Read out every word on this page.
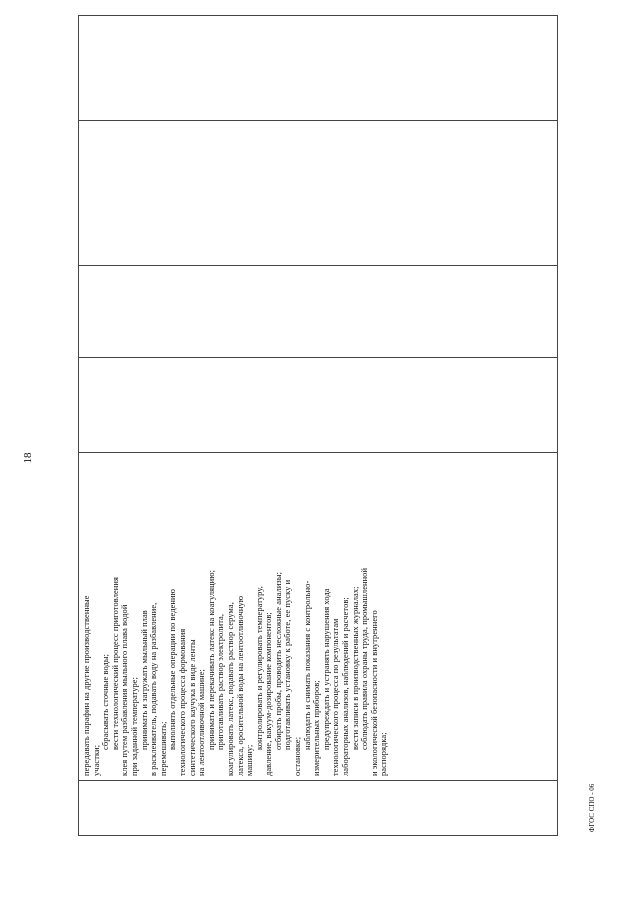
18
передавать парафин на другие производственные участки;
сбрасывать сточные воды; вести технологический процесс приготовления клея путем разбавления мыльного плава водой при заданной температуре; принимать и загружать мыльный плав в расклеиватель, подавать воду на разбавление, перемешивать; выполнять отдельные операции по ведению технологического процесса формования синтетического каучука в виде ленты на лентоотливочной машине; принимать и перекачивать латекс на коагуляцию; приготавливать раствор электролита, коагулировать латекс, подавать раствор серума, латекса, оросительной воды на лентоотливочную машину;
контролировать и регулировать температуру, давление, вакуум-дозирование компонентов; отбирать пробы, проводить несложные анализы; подготавливать установку к работе, ее пуску и
остановке;
наблюдать и снимать показания с контрольно- измерительных приборов; предупреждать и устранять нарушения хода технологического процесса по результатам лабораторных анализов, наблюдений и расчетов; вести записи в производственных журналах; соблюдать правила охраны труда, промышленной и экологической безопасности и внутреннего распорядка;
ФГОС СПО - 06
